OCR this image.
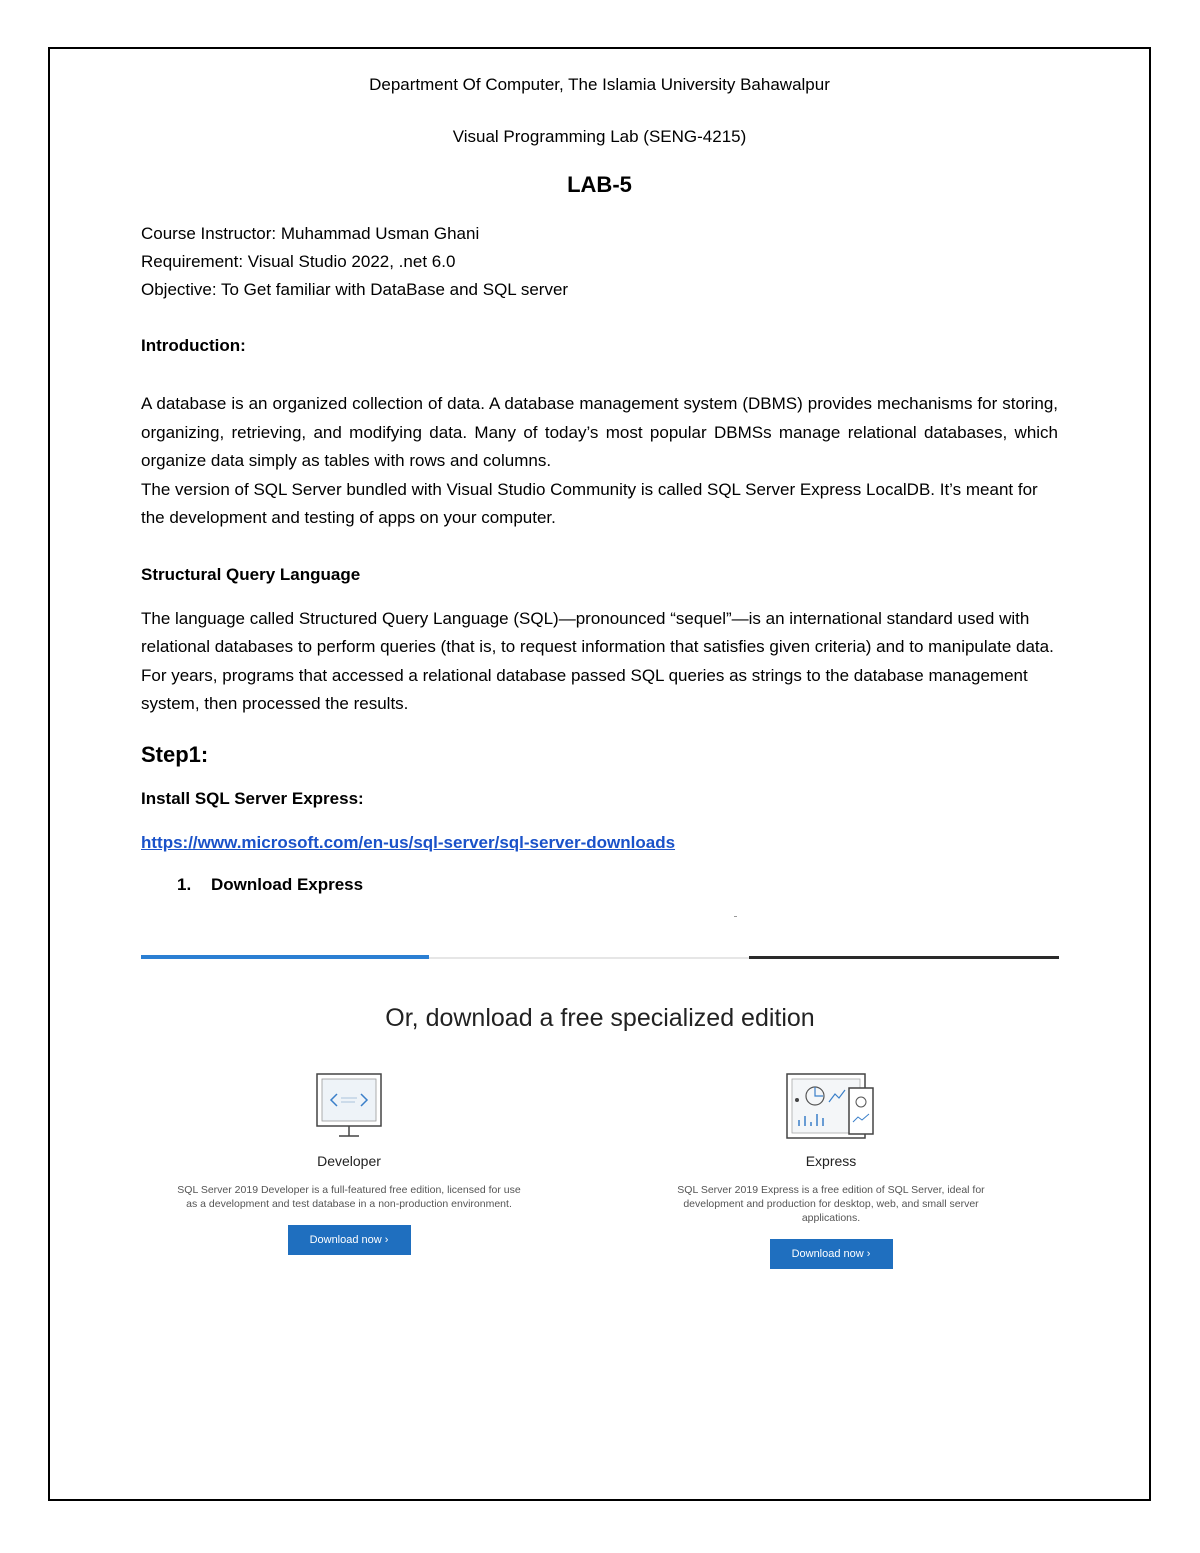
Department Of Computer, The Islamia University Bahawalpur

Visual Programming Lab (SENG-4215)

LAB-5

Course Instructor: Muhammad Usman Ghani
Requirement: Visual Studio 2022, .net 6.0
Objective: To Get familiar with DataBase and SQL server

Introduction:

A database is an organized collection of data. A database management system (DBMS) provides mechanisms for storing, organizing, retrieving, and modifying data. Many of today’s most popular DBMSs manage relational databases, which organize data simply as tables with rows and columns.

The version of SQL Server bundled with Visual Studio Community is called SQL Server Express LocalDB. It’s meant for the development and testing of apps on your computer.

Structural Query Language

The language called Structured Query Language (SQL)—pronounced “sequel”—is an international standard used with relational databases to perform queries (that is, to request information that satisfies given criteria) and to manipulate data. For years, programs that accessed a relational database passed SQL queries as strings to the database management system, then processed the results.

Step1:

Install SQL Server Express:

https://www.microsoft.com/en-us/sql-server/sql-server-downloads

1. Download Express

Or, download a free specialized edition
Developer
SQL Server 2019 Developer is a full-featured free edition, licensed for use as a development and test database in a non-production environment.
Download now ›
Express
SQL Server 2019 Express is a free edition of SQL Server, ideal for development and production for desktop, web, and small server applications.
Download now ›
